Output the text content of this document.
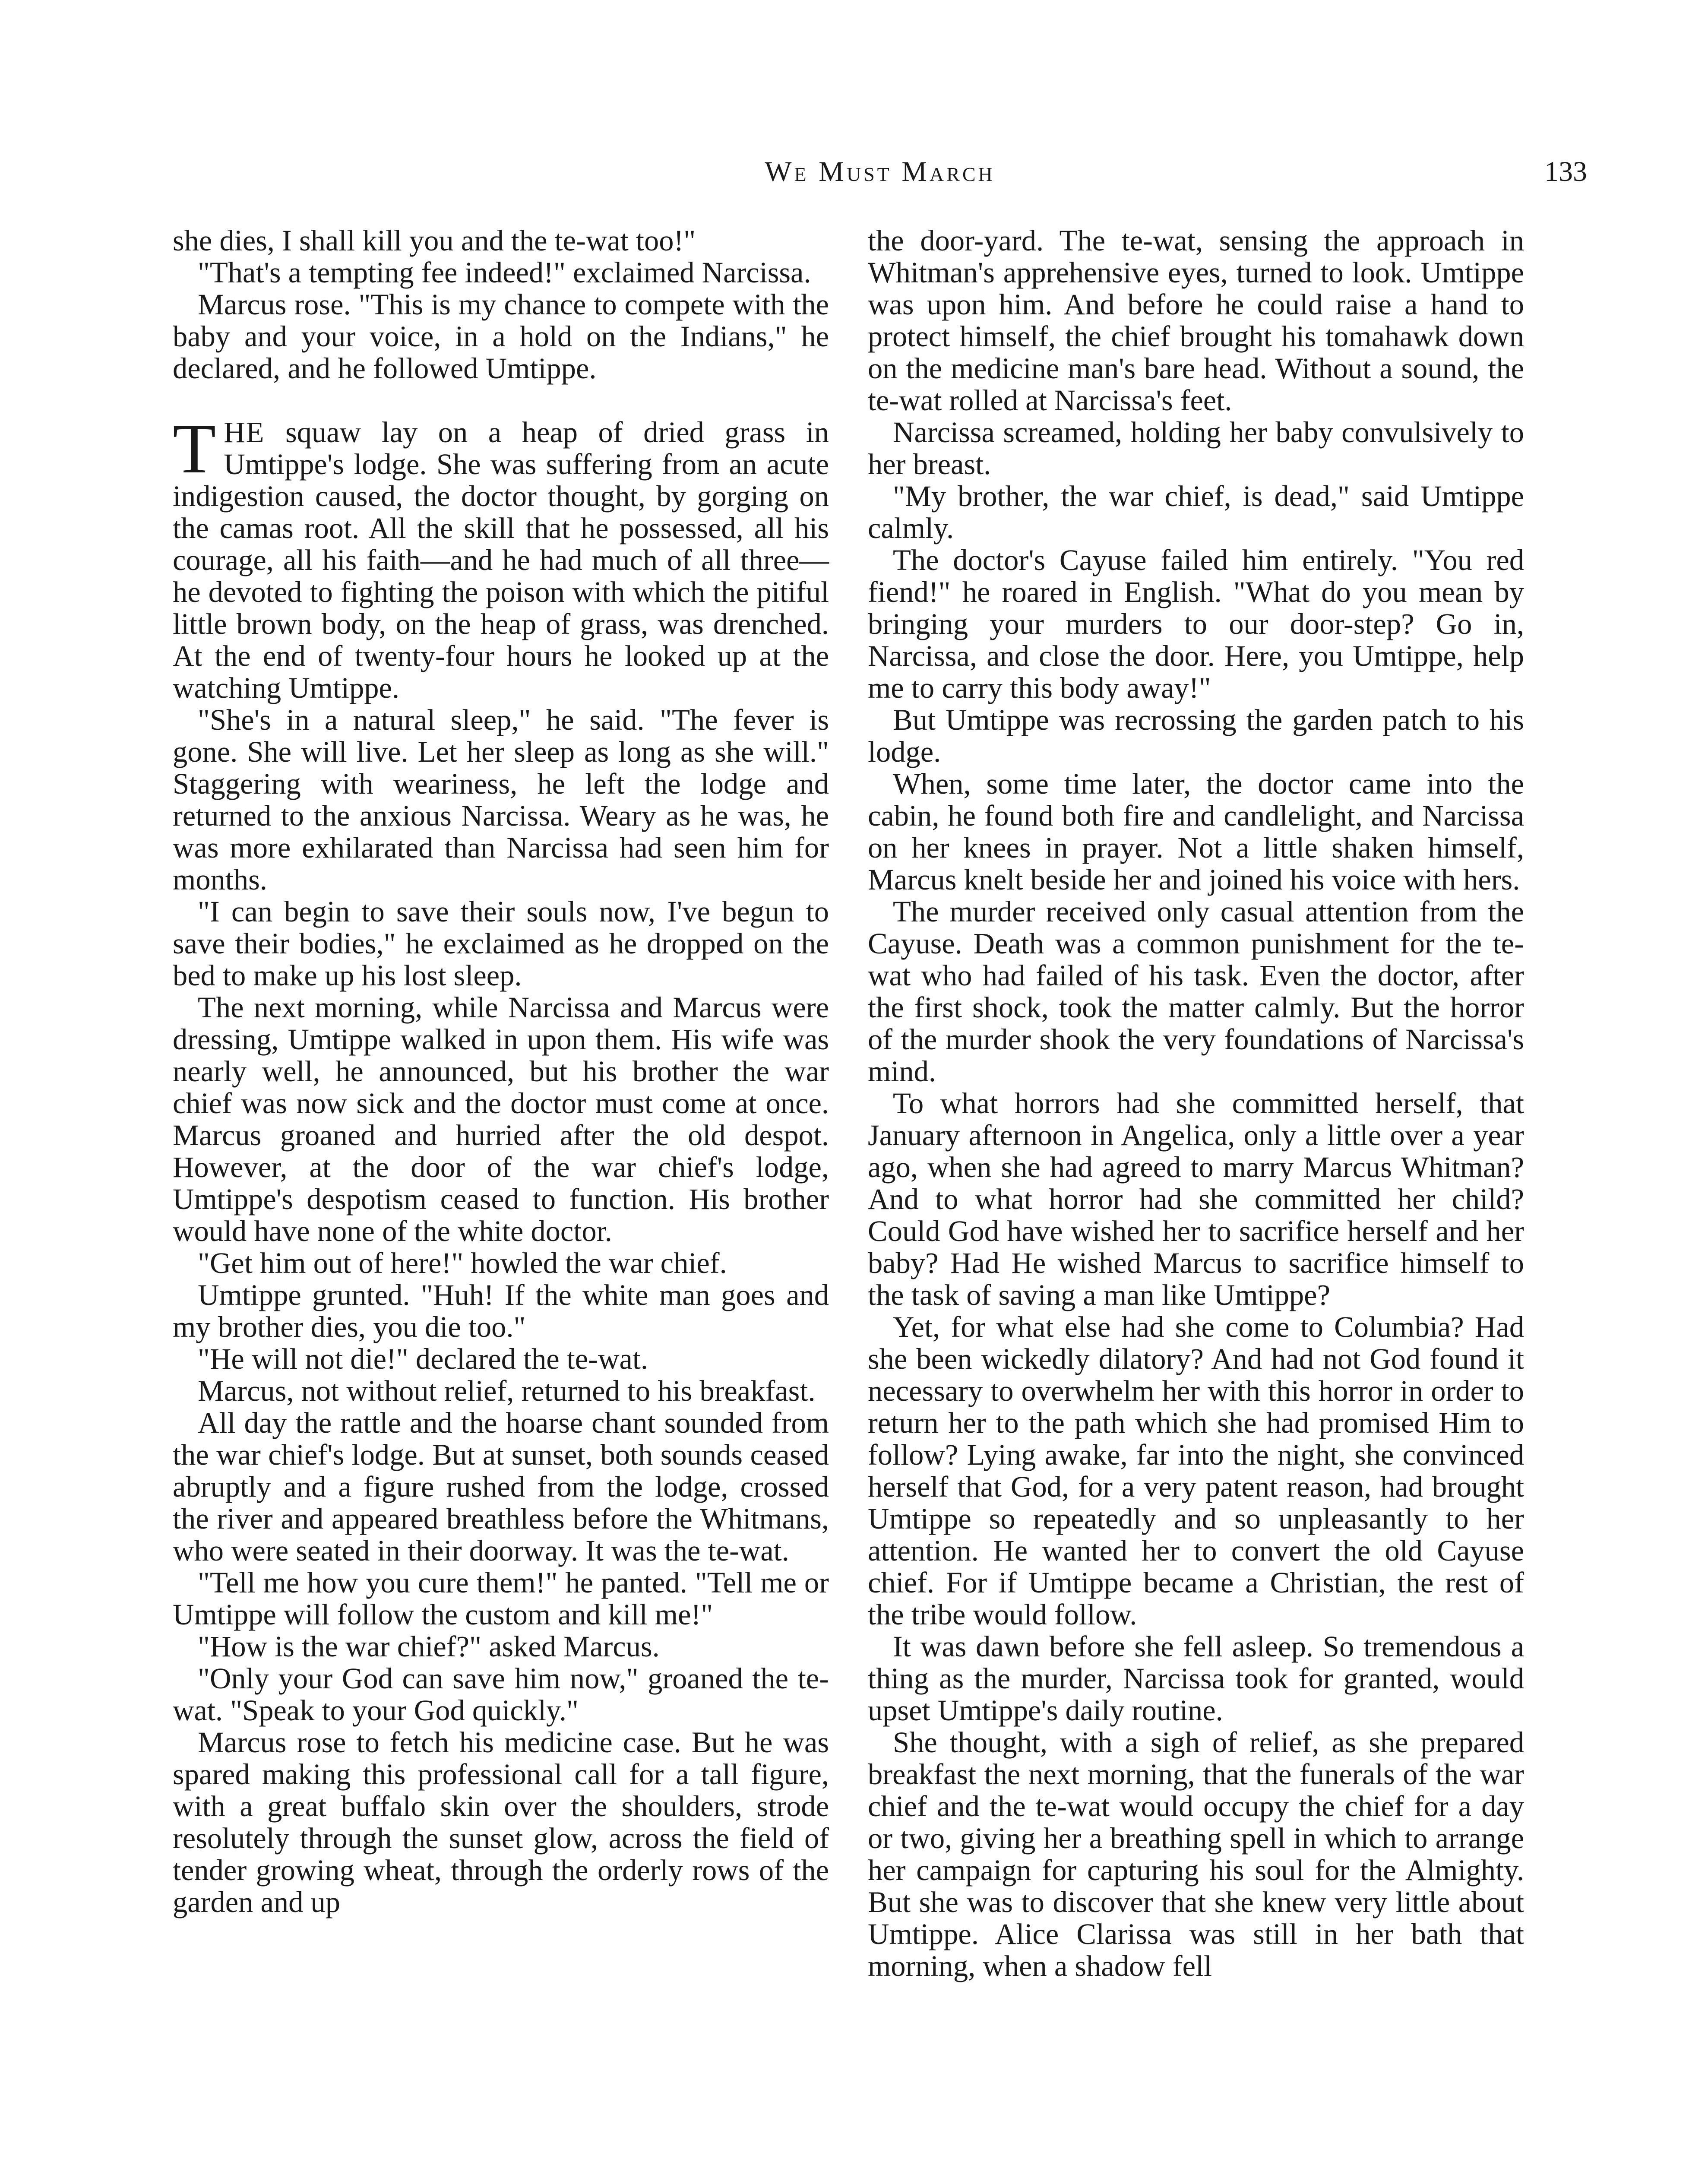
We Must March	133

she dies, I shall kill you and the te-wat too!"

"That's a tempting fee indeed!" exclaimed Narcissa.

Marcus rose. "This is my chance to compete with the baby and your voice, in a hold on the Indians," he declared, and he followed Umtippe.

THE squaw lay on a heap of dried grass in Umtippe's lodge. She was suffering from an acute indigestion caused, the doctor thought, by gorging on the camas root. All the skill that he possessed, all his courage, all his faith—and he had much of all three—he devoted to fighting the poison with which the pitiful little brown body, on the heap of grass, was drenched. At the end of twenty-four hours he looked up at the watching Umtippe.

"She's in a natural sleep," he said. "The fever is gone. She will live. Let her sleep as long as she will." Staggering with weariness, he left the lodge and returned to the anxious Narcissa. Weary as he was, he was more exhilarated than Narcissa had seen him for months.

"I can begin to save their souls now, I've begun to save their bodies," he exclaimed as he dropped on the bed to make up his lost sleep.

The next morning, while Narcissa and Marcus were dressing, Umtippe walked in upon them. His wife was nearly well, he announced, but his brother the war chief was now sick and the doctor must come at once. Marcus groaned and hurried after the old despot. However, at the door of the war chief's lodge, Umtippe's despotism ceased to function. His brother would have none of the white doctor.

"Get him out of here!" howled the war chief.

Umtippe grunted. "Huh! If the white man goes and my brother dies, you die too."

"He will not die!" declared the te-wat.

Marcus, not without relief, returned to his breakfast.

All day the rattle and the hoarse chant sounded from the war chief's lodge. But at sunset, both sounds ceased abruptly and a figure rushed from the lodge, crossed the river and appeared breathless before the Whitmans, who were seated in their doorway. It was the te-wat.

"Tell me how you cure them!" he panted. "Tell me or Umtippe will follow the custom and kill me!"

"How is the war chief?" asked Marcus.

"Only your God can save him now," groaned the te-wat. "Speak to your God quickly."

Marcus rose to fetch his medicine case. But he was spared making this professional call for a tall figure, with a great buffalo skin over the shoulders, strode resolutely through the sunset glow, across the field of tender growing wheat, through the orderly rows of the garden and up

the door-yard. The te-wat, sensing the approach in Whitman's apprehensive eyes, turned to look. Umtippe was upon him. And before he could raise a hand to protect himself, the chief brought his tomahawk down on the medicine man's bare head. Without a sound, the te-wat rolled at Narcissa's feet.

Narcissa screamed, holding her baby convulsively to her breast.

"My brother, the war chief, is dead," said Umtippe calmly.

The doctor's Cayuse failed him entirely. "You red fiend!" he roared in English. "What do you mean by bringing your murders to our door-step? Go in, Narcissa, and close the door. Here, you Umtippe, help me to carry this body away!"

But Umtippe was recrossing the garden patch to his lodge.

When, some time later, the doctor came into the cabin, he found both fire and candlelight, and Narcissa on her knees in prayer. Not a little shaken himself, Marcus knelt beside her and joined his voice with hers.

The murder received only casual attention from the Cayuse. Death was a common punishment for the te-wat who had failed of his task. Even the doctor, after the first shock, took the matter calmly. But the horror of the murder shook the very foundations of Narcissa's mind.

To what horrors had she committed herself, that January afternoon in Angelica, only a little over a year ago, when she had agreed to marry Marcus Whitman? And to what horror had she committed her child? Could God have wished her to sacrifice herself and her baby? Had He wished Marcus to sacrifice himself to the task of saving a man like Umtippe?

Yet, for what else had she come to Columbia? Had she been wickedly dilatory? And had not God found it necessary to overwhelm her with this horror in order to return her to the path which she had promised Him to follow? Lying awake, far into the night, she convinced herself that God, for a very patent reason, had brought Umtippe so repeatedly and so unpleasantly to her attention. He wanted her to convert the old Cayuse chief. For if Umtippe became a Christian, the rest of the tribe would follow.

It was dawn before she fell asleep. So tremendous a thing as the murder, Narcissa took for granted, would upset Umtippe's daily routine.

She thought, with a sigh of relief, as she prepared breakfast the next morning, that the funerals of the war chief and the te-wat would occupy the chief for a day or two, giving her a breathing spell in which to arrange her campaign for capturing his soul for the Almighty. But she was to discover that she knew very little about Umtippe. Alice Clarissa was still in her bath that morning, when a shadow fell
